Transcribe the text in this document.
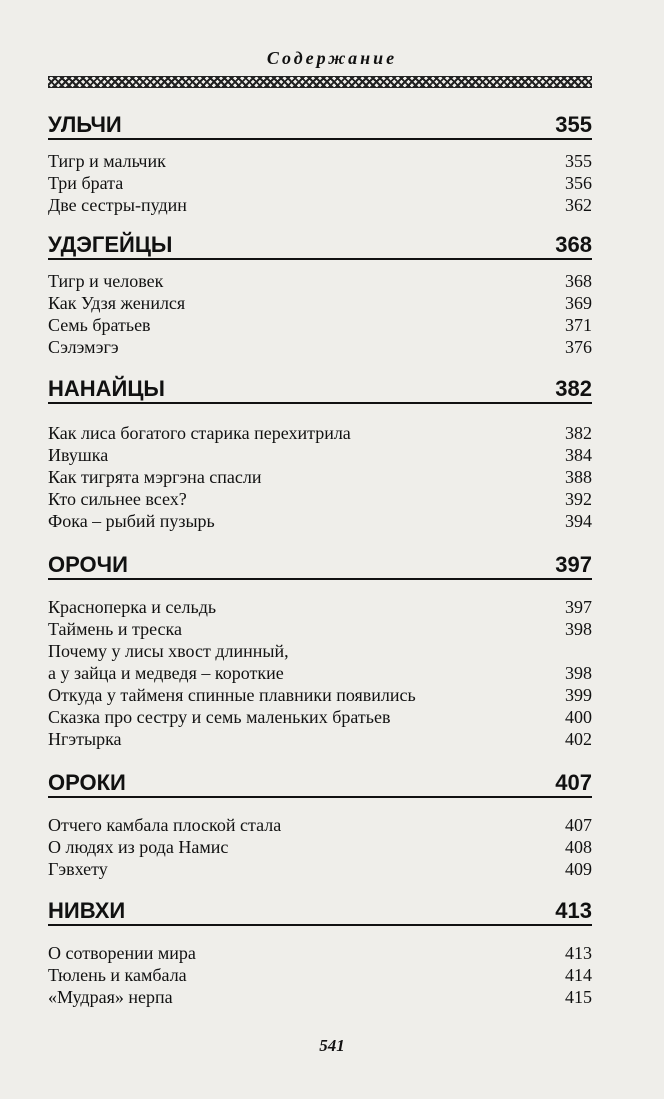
Содержание
УЛЬЧИ	355
Тигр и мальчик	355
Три брата	356
Две сестры-пудин	362
УДЭГЕЙЦЫ	368
Тигр и человек	368
Как Удзя женился	369
Семь братьев	371
Сэлэмэгэ	376
НАНАЙЦЫ	382
Как лиса богатого старика перехитрила	382
Ивушка	384
Как тигрята мэргэна спасли	388
Кто сильнее всех?	392
Фока – рыбий пузырь	394
ОРОЧИ	397
Красноперка и сельдь	397
Таймень и треска	398
Почему у лисы хвост длинный,
а у зайца и медведя – короткие	398
Откуда у тайменя спинные плавники появились	399
Сказка про сестру и семь маленьких братьев	400
Нгэтырка	402
ОРОКИ	407
Отчего камбала плоской стала	407
О людях из рода Намис	408
Гэвхету	409
НИВХИ	413
О сотворении мира	413
Тюлень и камбала	414
«Мудрая» нерпа	415
541
